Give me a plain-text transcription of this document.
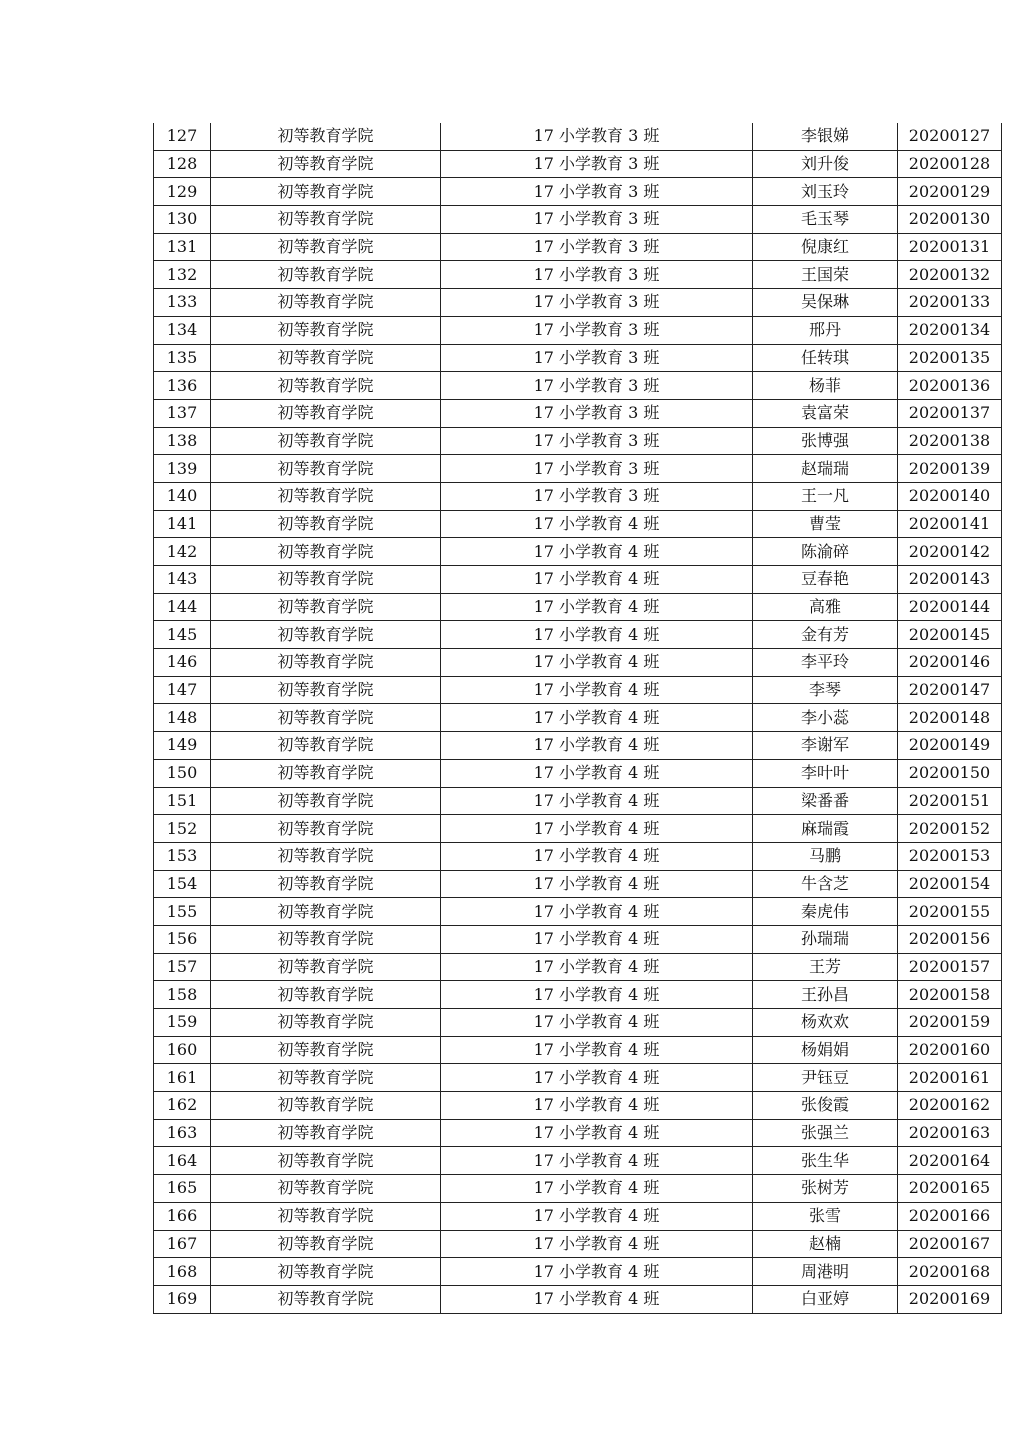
127	初等教育学院	17 小学教育 3 班	李银娣	20200127
128	初等教育学院	17 小学教育 3 班	刘升俊	20200128
129	初等教育学院	17 小学教育 3 班	刘玉玲	20200129
130	初等教育学院	17 小学教育 3 班	毛玉琴	20200130
131	初等教育学院	17 小学教育 3 班	倪康红	20200131
132	初等教育学院	17 小学教育 3 班	王国荣	20200132
133	初等教育学院	17 小学教育 3 班	吴保琳	20200133
134	初等教育学院	17 小学教育 3 班	邢丹	20200134
135	初等教育学院	17 小学教育 3 班	任转琪	20200135
136	初等教育学院	17 小学教育 3 班	杨菲	20200136
137	初等教育学院	17 小学教育 3 班	袁富荣	20200137
138	初等教育学院	17 小学教育 3 班	张博强	20200138
139	初等教育学院	17 小学教育 3 班	赵瑞瑞	20200139
140	初等教育学院	17 小学教育 3 班	王一凡	20200140
141	初等教育学院	17 小学教育 4 班	曹莹	20200141
142	初等教育学院	17 小学教育 4 班	陈渝碎	20200142
143	初等教育学院	17 小学教育 4 班	豆春艳	20200143
144	初等教育学院	17 小学教育 4 班	高雅	20200144
145	初等教育学院	17 小学教育 4 班	金有芳	20200145
146	初等教育学院	17 小学教育 4 班	李平玲	20200146
147	初等教育学院	17 小学教育 4 班	李琴	20200147
148	初等教育学院	17 小学教育 4 班	李小蕊	20200148
149	初等教育学院	17 小学教育 4 班	李谢军	20200149
150	初等教育学院	17 小学教育 4 班	李叶叶	20200150
151	初等教育学院	17 小学教育 4 班	梁番番	20200151
152	初等教育学院	17 小学教育 4 班	麻瑞霞	20200152
153	初等教育学院	17 小学教育 4 班	马鹏	20200153
154	初等教育学院	17 小学教育 4 班	牛含芝	20200154
155	初等教育学院	17 小学教育 4 班	秦虎伟	20200155
156	初等教育学院	17 小学教育 4 班	孙瑞瑞	20200156
157	初等教育学院	17 小学教育 4 班	王芳	20200157
158	初等教育学院	17 小学教育 4 班	王孙昌	20200158
159	初等教育学院	17 小学教育 4 班	杨欢欢	20200159
160	初等教育学院	17 小学教育 4 班	杨娟娟	20200160
161	初等教育学院	17 小学教育 4 班	尹钰豆	20200161
162	初等教育学院	17 小学教育 4 班	张俊霞	20200162
163	初等教育学院	17 小学教育 4 班	张强兰	20200163
164	初等教育学院	17 小学教育 4 班	张生华	20200164
165	初等教育学院	17 小学教育 4 班	张树芳	20200165
166	初等教育学院	17 小学教育 4 班	张雪	20200166
167	初等教育学院	17 小学教育 4 班	赵楠	20200167
168	初等教育学院	17 小学教育 4 班	周港明	20200168
169	初等教育学院	17 小学教育 4 班	白亚婷	20200169
